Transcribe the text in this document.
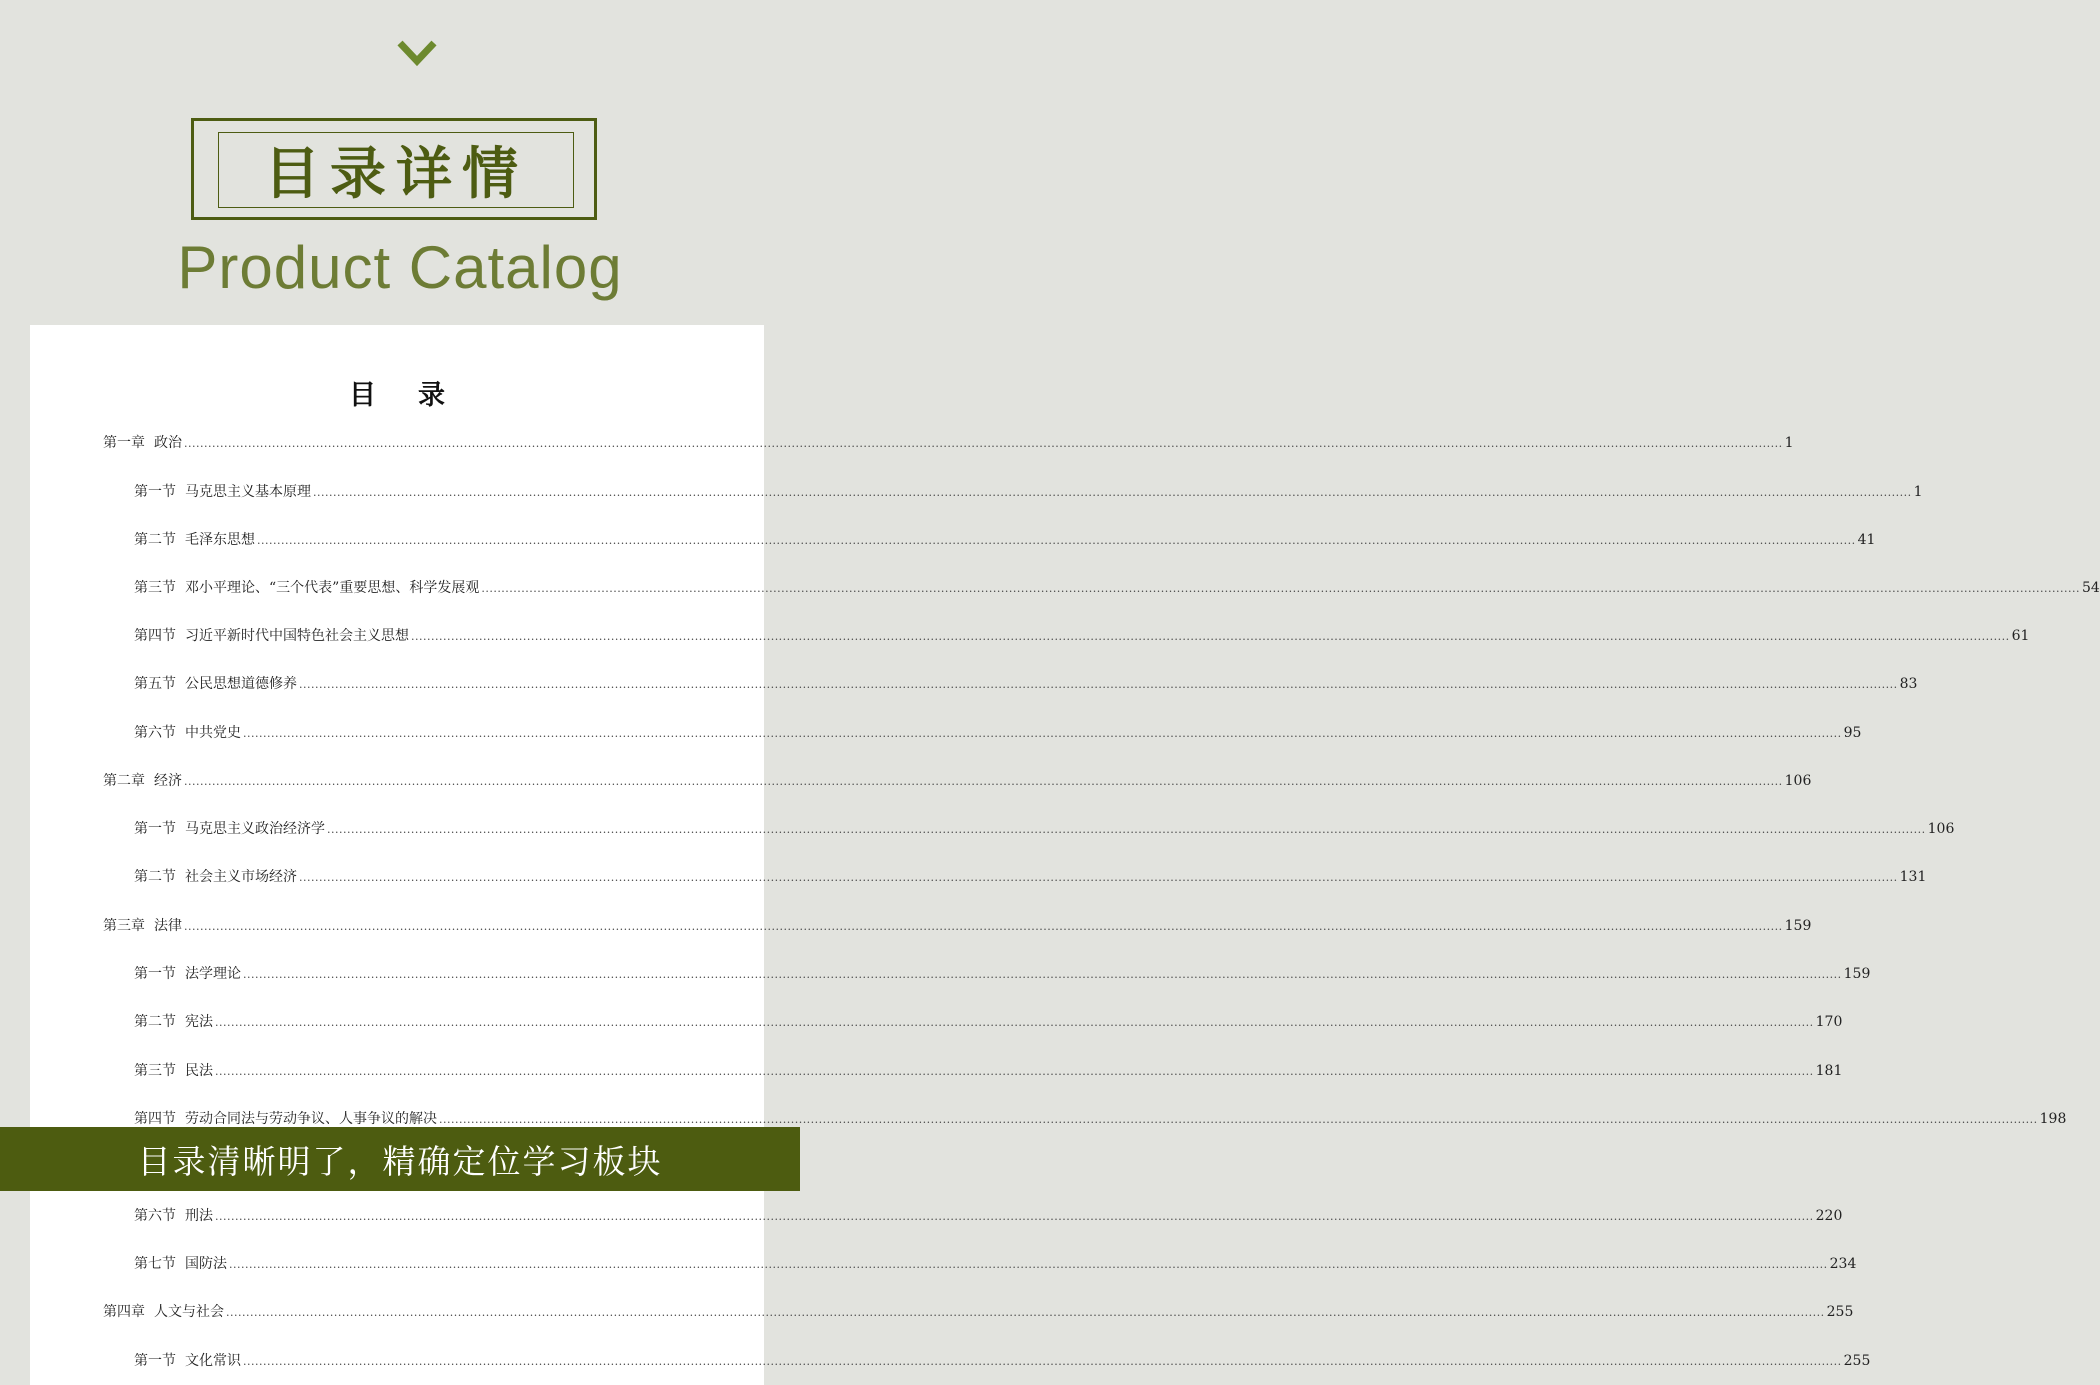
目录详情
Product Catalog
目录
第一章 政治 ................................................................................................................................................................................................................................................................................................................................................................................................................ 1
第一节 马克思主义基本原理 ................................................................................................................................................................................................................................................................................................................................................................................................................ 1
第二节 毛泽东思想 ................................................................................................................................................................................................................................................................................................................................................................................................................ 41
第三节 邓小平理论、“三个代表”重要思想、科学发展观 ................................................................................................................................................................................................................................................................................................................................................................................................................ 54
第四节 习近平新时代中国特色社会主义思想 ................................................................................................................................................................................................................................................................................................................................................................................................................ 61
第五节 公民思想道德修养 ................................................................................................................................................................................................................................................................................................................................................................................................................ 83
第六节 中共党史 ................................................................................................................................................................................................................................................................................................................................................................................................................ 95
第二章 经济 ................................................................................................................................................................................................................................................................................................................................................................................................................ 106
第一节 马克思主义政治经济学 ................................................................................................................................................................................................................................................................................................................................................................................................................ 106
第二节 社会主义市场经济 ................................................................................................................................................................................................................................................................................................................................................................................................................ 131
第三章 法律 ................................................................................................................................................................................................................................................................................................................................................................................................................ 159
第一节 法学理论 ................................................................................................................................................................................................................................................................................................................................................................................................................ 159
第二节 宪法 ................................................................................................................................................................................................................................................................................................................................................................................................................ 170
第三节 民法 ................................................................................................................................................................................................................................................................................................................................................................................................................ 181
第四节 劳动合同法与劳动争议、人事争议的解决 ................................................................................................................................................................................................................................................................................................................................................................................................................ 198
第六节 刑法 ................................................................................................................................................................................................................................................................................................................................................................................................................ 220
第七节 国防法 ................................................................................................................................................................................................................................................................................................................................................................................................................ 234
第四章 人文与社会 ................................................................................................................................................................................................................................................................................................................................................................................................................ 255
第一节 文化常识 ................................................................................................................................................................................................................................................................................................................................................................................................................ 255
目录清晰明了，精确定位学习板块
